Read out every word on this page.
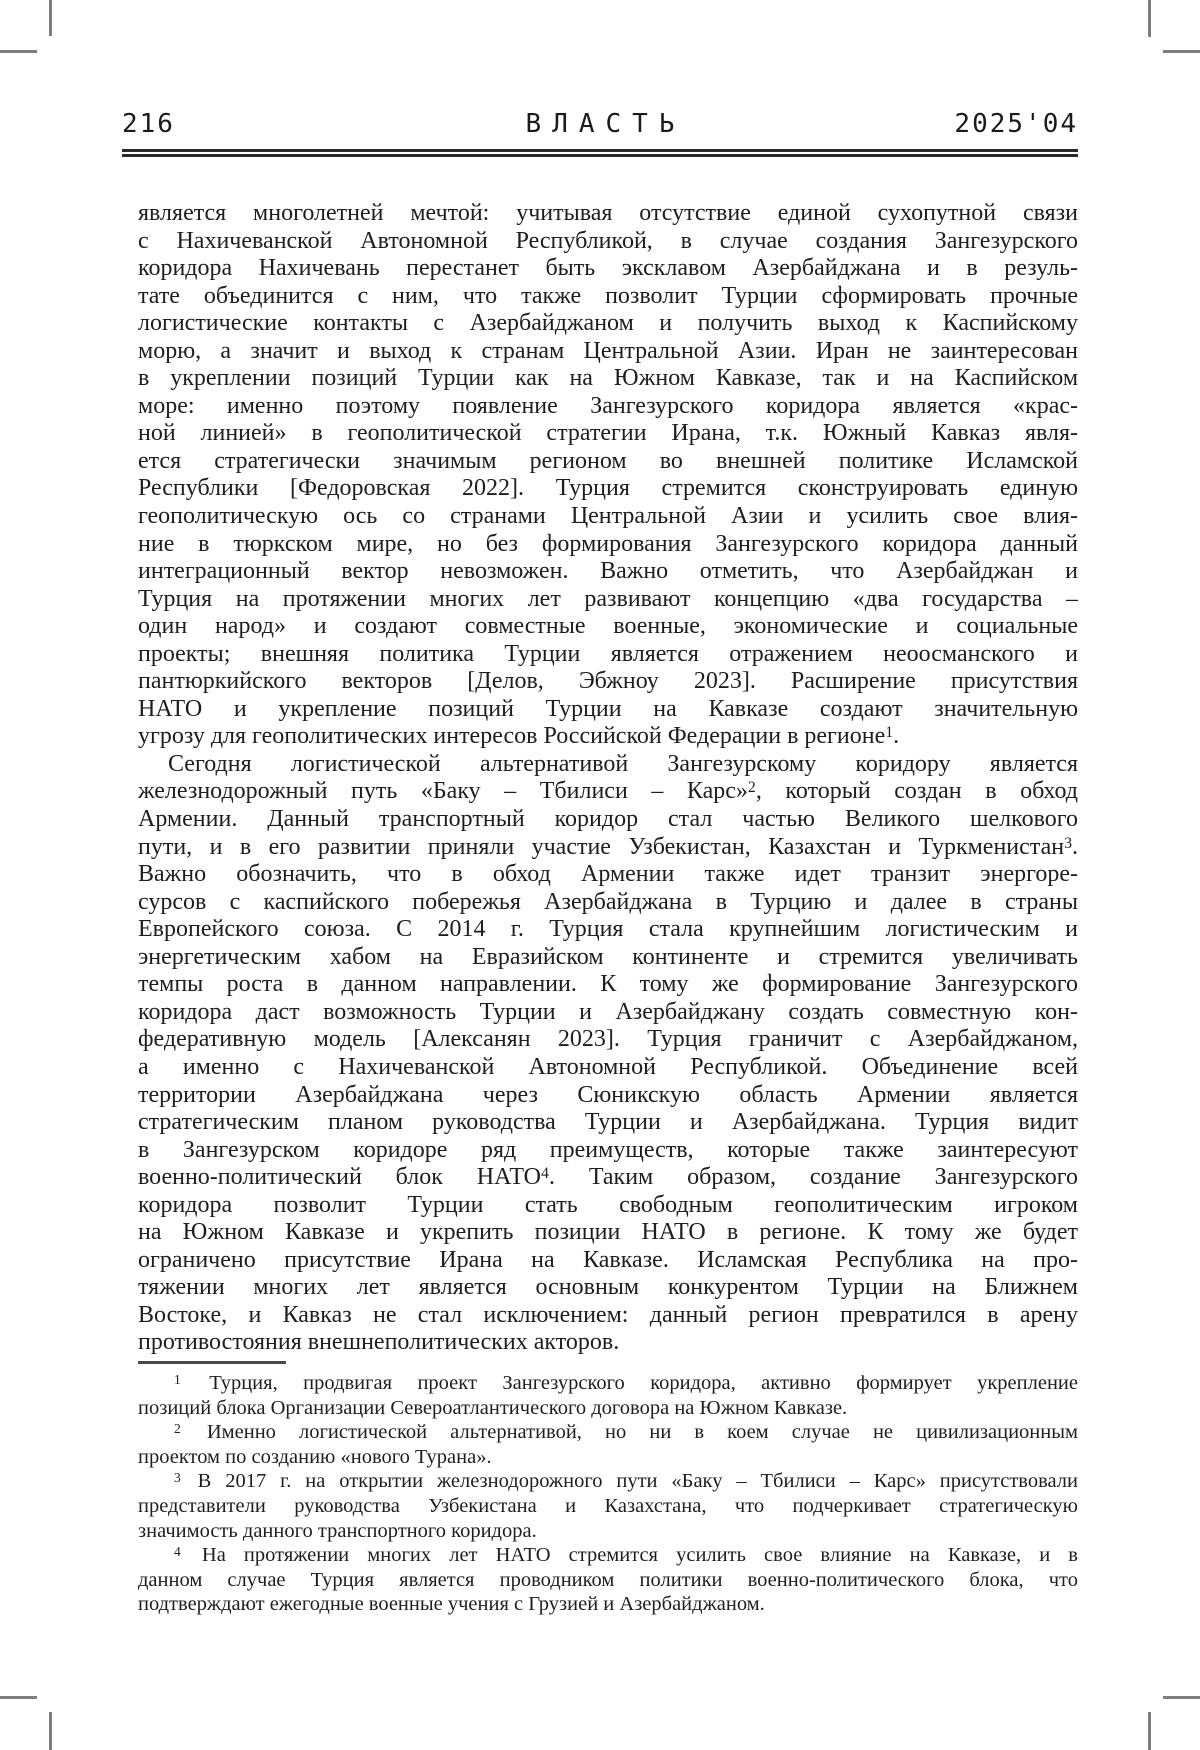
216	ВЛАСТЬ	2025'04
является многолетней мечтой: учитывая отсутствие единой сухопутной связи
с Нахичеванской Автономной Республикой, в случае создания Зангезурского
коридора Нахичевань перестанет быть эксклавом Азербайджана и в резуль-
тате объединится с ним, что также позволит Турции сформировать прочные
логистические контакты с Азербайджаном и получить выход к Каспийскому
морю, а значит и выход к странам Центральной Азии. Иран не заинтересован
в укреплении позиций Турции как на Южном Кавказе, так и на Каспийском
море: именно поэтому появление Зангезурского коридора является «крас-
ной линией» в геополитической стратегии Ирана, т.к. Южный Кавказ явля-
ется стратегически значимым регионом во внешней политике Исламской
Республики [Федоровская 2022]. Турция стремится сконструировать единую
геополитическую ось со странами Центральной Азии и усилить свое влия-
ние в тюркском мире, но без формирования Зангезурского коридора данный
интеграционный вектор невозможен. Важно отметить, что Азербайджан и
Турция на протяжении многих лет развивают концепцию «два государства –
один народ» и создают совместные военные, экономические и социальные
проекты; внешняя политика Турции является отражением неоосманского и
пантюркийского векторов [Делов, Эбжноу 2023]. Расширение присутствия
НАТО и укрепление позиций Турции на Кавказе создают значительную
угрозу для геополитических интересов Российской Федерации в регионе$^1$.
Сегодня логистической альтернативой Зангезурскому коридору является
железнодорожный путь «Баку – Тбилиси – Карс»$^2$, который создан в обход
Армении. Данный транспортный коридор стал частью Великого шелкового
пути, и в его развитии приняли участие Узбекистан, Казахстан и Туркменистан$^3$.
Важно обозначить, что в обход Армении также идет транзит энергоре-
сурсов с каспийского побережья Азербайджана в Турцию и далее в страны
Европейского союза. С 2014 г. Турция стала крупнейшим логистическим и
энергетическим хабом на Евразийском континенте и стремится увеличивать
темпы роста в данном направлении. К тому же формирование Зангезурского
коридора даст возможность Турции и Азербайджану создать совместную кон-
федеративную модель [Алексанян 2023]. Турция граничит с Азербайджаном,
а именно с Нахичеванской Автономной Республикой. Объединение всей
территории Азербайджана через Сюникскую область Армении является
стратегическим планом руководства Турции и Азербайджана. Турция видит
в Зангезурском коридоре ряд преимуществ, которые также заинтересуют
военно-политический блок НАТО$^4$. Таким образом, создание Зангезурского
коридора позволит Турции стать свободным геополитическим игроком
на Южном Кавказе и укрепить позиции НАТО в регионе. К тому же будет
ограничено присутствие Ирана на Кавказе. Исламская Республика на про-
тяжении многих лет является основным конкурентом Турции на Ближнем
Востоке, и Кавказ не стал исключением: данный регион превратился в арену
противостояния внешнеполитических акторов.
$^1$ Турция, продвигая проект Зангезурского коридора, активно формирует укрепление
позиций блока Организации Североатлантического договора на Южном Кавказе.
$^2$ Именно логистической альтернативой, но ни в коем случае не цивилизационным
проектом по созданию «нового Турана».
$^3$ В 2017 г. на открытии железнодорожного пути «Баку – Тбилиси – Карс» присутствовали
представители руководства Узбекистана и Казахстана, что подчеркивает стратегическую
значимость данного транспортного коридора.
$^4$ На протяжении многих лет НАТО стремится усилить свое влияние на Кавказе, и в
данном случае Турция является проводником политики военно-политического блока, что
подтверждают ежегодные военные учения с Грузией и Азербайджаном.
